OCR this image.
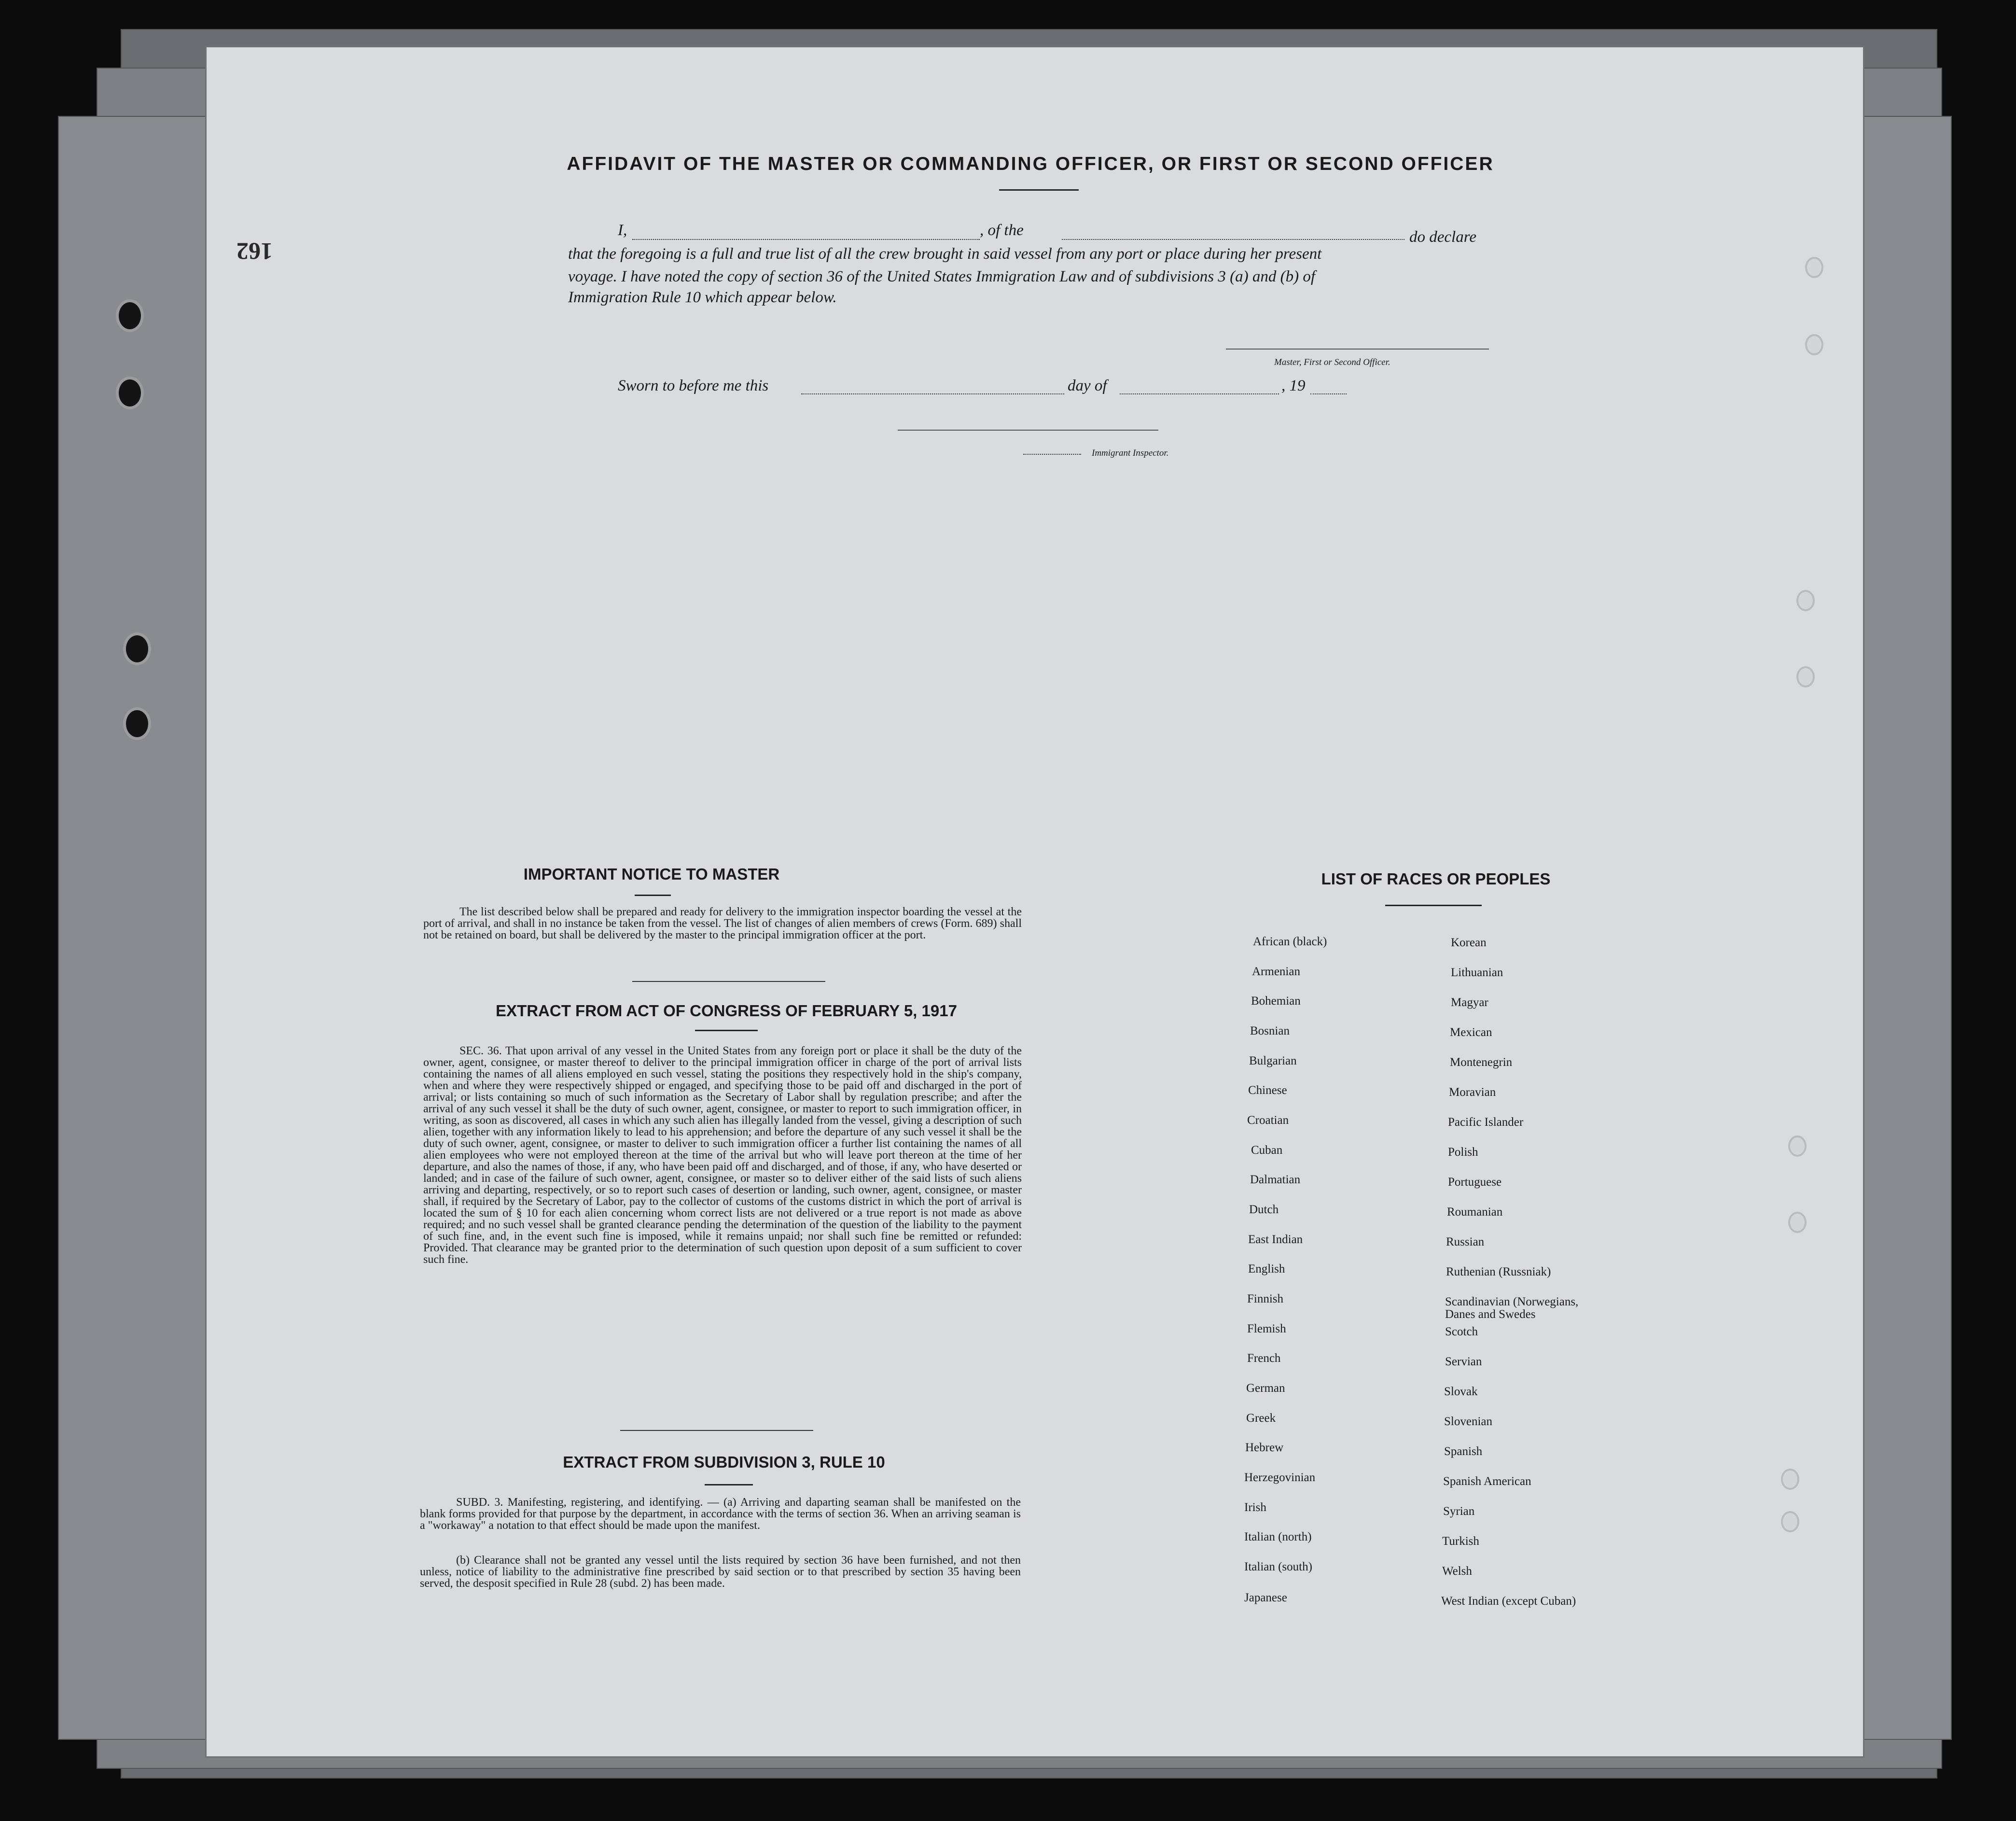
162
AFFIDAVIT OF THE MASTER OR COMMANDING OFFICER, OR FIRST OR SECOND OFFICER
I,	, of the	do declare
that the foregoing is a full and true list of all the crew brought in said vessel from any port or place during her present
voyage. I have noted the copy of section 36 of the United States Immigration Law and of subdivisions 3 (a) and (b) of
Immigration Rule 10 which appear below.
Master, First or Second Officer.
Sworn to before me this	day of	, 19
Immigrant Inspector.
IMPORTANT NOTICE TO MASTER
The list described below shall be prepared and ready for delivery to the immigration inspector boarding the vessel at the port of arrival, and shall in no instance be taken from the vessel. The list of changes of alien members of crews (Form. 689) shall not be retained on board, but shall be delivered by the master to the principal immigration officer at the port.
EXTRACT FROM ACT OF CONGRESS OF FEBRUARY 5, 1917
SEC. 36. That upon arrival of any vessel in the United States from any foreign port or place it shall be the duty of the owner, agent, consignee, or master thereof to deliver to the principal immigration officer in charge of the port of arrival lists containing the names of all aliens employed en such vessel, stating the positions they respectively hold in the ship's company, when and where they were respectively shipped or engaged, and specifying those to be paid off and discharged in the port of arrival; or lists containing so much of such information as the Secretary of Labor shall by regulation prescribe; and after the arrival of any such vessel it shall be the duty of such owner, agent, consignee, or master to report to such immigration officer, in writing, as soon as discovered, all cases in which any such alien has illegally landed from the vessel, giving a description of such alien, together with any information likely to lead to his apprehension; and before the departure of any such vessel it shall be the duty of such owner, agent, consignee, or master to deliver to such immigration officer a further list containing the names of all alien employees who were not employed thereon at the time of the arrival but who will leave port thereon at the time of her departure, and also the names of those, if any, who have been paid off and discharged, and of those, if any, who have deserted or landed; and in case of the failure of such owner, agent, consignee, or master so to deliver either of the said lists of such aliens arriving and departing, respectively, or so to report such cases of desertion or landing, such owner, agent, consignee, or master shall, if required by the Secretary of Labor, pay to the collector of customs of the customs district in which the port of arrival is located the sum of § 10 for each alien concerning whom correct lists are not delivered or a true report is not made as above required; and no such vessel shall be granted clearance pending the determination of the question of the liability to the payment of such fine, and, in the event such fine is imposed, while it remains unpaid; nor shall such fine be remitted or refunded: Provided. That clearance may be granted prior to the determination of such question upon deposit of a sum sufficient to cover such fine.
EXTRACT FROM SUBDIVISION 3, RULE 10
SUBD. 3. Manifesting, registering, and identifying. — (a) Arriving and daparting seaman shall be manifested on the blank forms provided for that purpose by the department, in accordance with the terms of section 36. When an arriving seaman is a "workaway" a notation to that effect should be made upon the manifest.
(b) Clearance shall not be granted any vessel until the lists required by section 36 have been furnished, and not then unless, notice of liability to the administrative fine prescribed by said section or to that prescribed by section 35 having been served, the desposit specified in Rule 28 (subd. 2) has been made.
LIST OF RACES OR PEOPLES
African (black)
Armenian
Bohemian
Bosnian
Bulgarian
Chinese
Croatian
Cuban
Dalmatian
Dutch
East Indian
English
Finnish
Flemish
French
German
Greek
Hebrew
Herzegovinian
Irish
Italian (north)
Italian (south)
Japanese
Korean
Lithuanian
Magyar
Mexican
Montenegrin
Moravian
Pacific Islander
Polish
Portuguese
Roumanian
Russian
Ruthenian (Russniak)
Scandinavian (Norwegians,
Danes and Swedes
Scotch
Servian
Slovak
Slovenian
Spanish
Spanish American
Syrian
Turkish
Welsh
West Indian (except Cuban)
